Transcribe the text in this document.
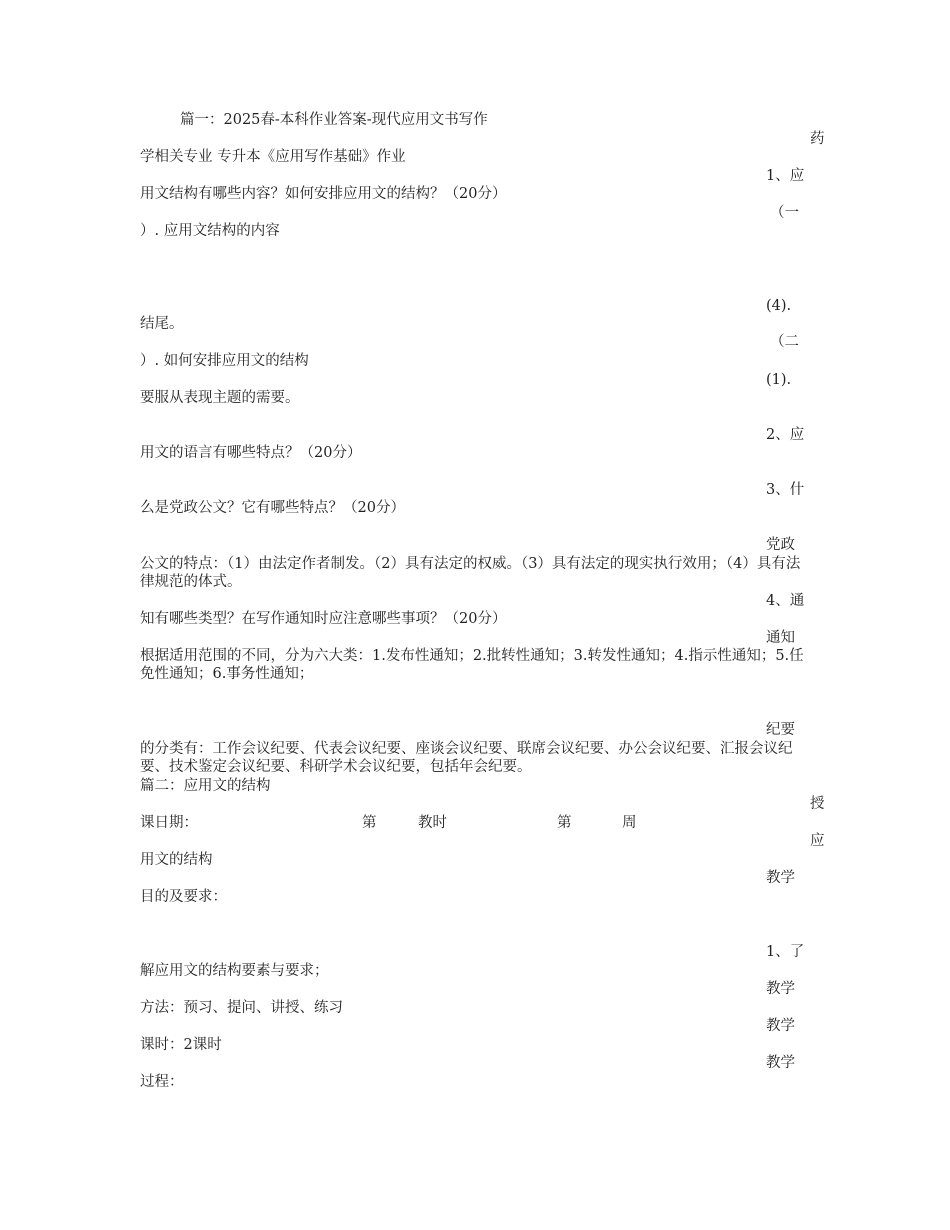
篇一：2025春-本科作业答案-现代应用文书写作
学相关专业 专升本《应用写作基础》作业
用文结构有哪些内容？如何安排应用文的结构？（20分）
）. 应用文结构的内容
结尾。
）. 如何安排应用文的结构
要服从表现主题的需要。
用文的语言有哪些特点？（20分）
么是党政公文？它有哪些特点？（20分）
公文的特点：（1）由法定作者制发。（2）具有法定的权威。（3）具有法定的现实执行效用；（4）具有法律规范的体式。
知有哪些类型？在写作通知时应注意哪些事项？（20分）
根据适用范围的不同，分为六大类：1.发布性通知；2.批转性通知；3.转发性通知；4.指示性通知；5.任免性通知；6.事务性通知；
的分类有：工作会议纪要、代表会议纪要、座谈会议纪要、联席会议纪要、办公会议纪要、汇报会议纪要、技术鉴定会议纪要、科研学术会议纪要，包括年会纪要。
篇二：应用文的结构
课日期：	第	教时	第	周
用文的结构
目的及要求：
解应用文的结构要素与要求；
方法：预习、提问、讲授、练习
课时：2课时
过程：
药
1、应
（一
(4).
（二
(1).
2、应
3、什
党政
4、通
通知
纪要
授
应
教学
1、了
教学
教学
教学
